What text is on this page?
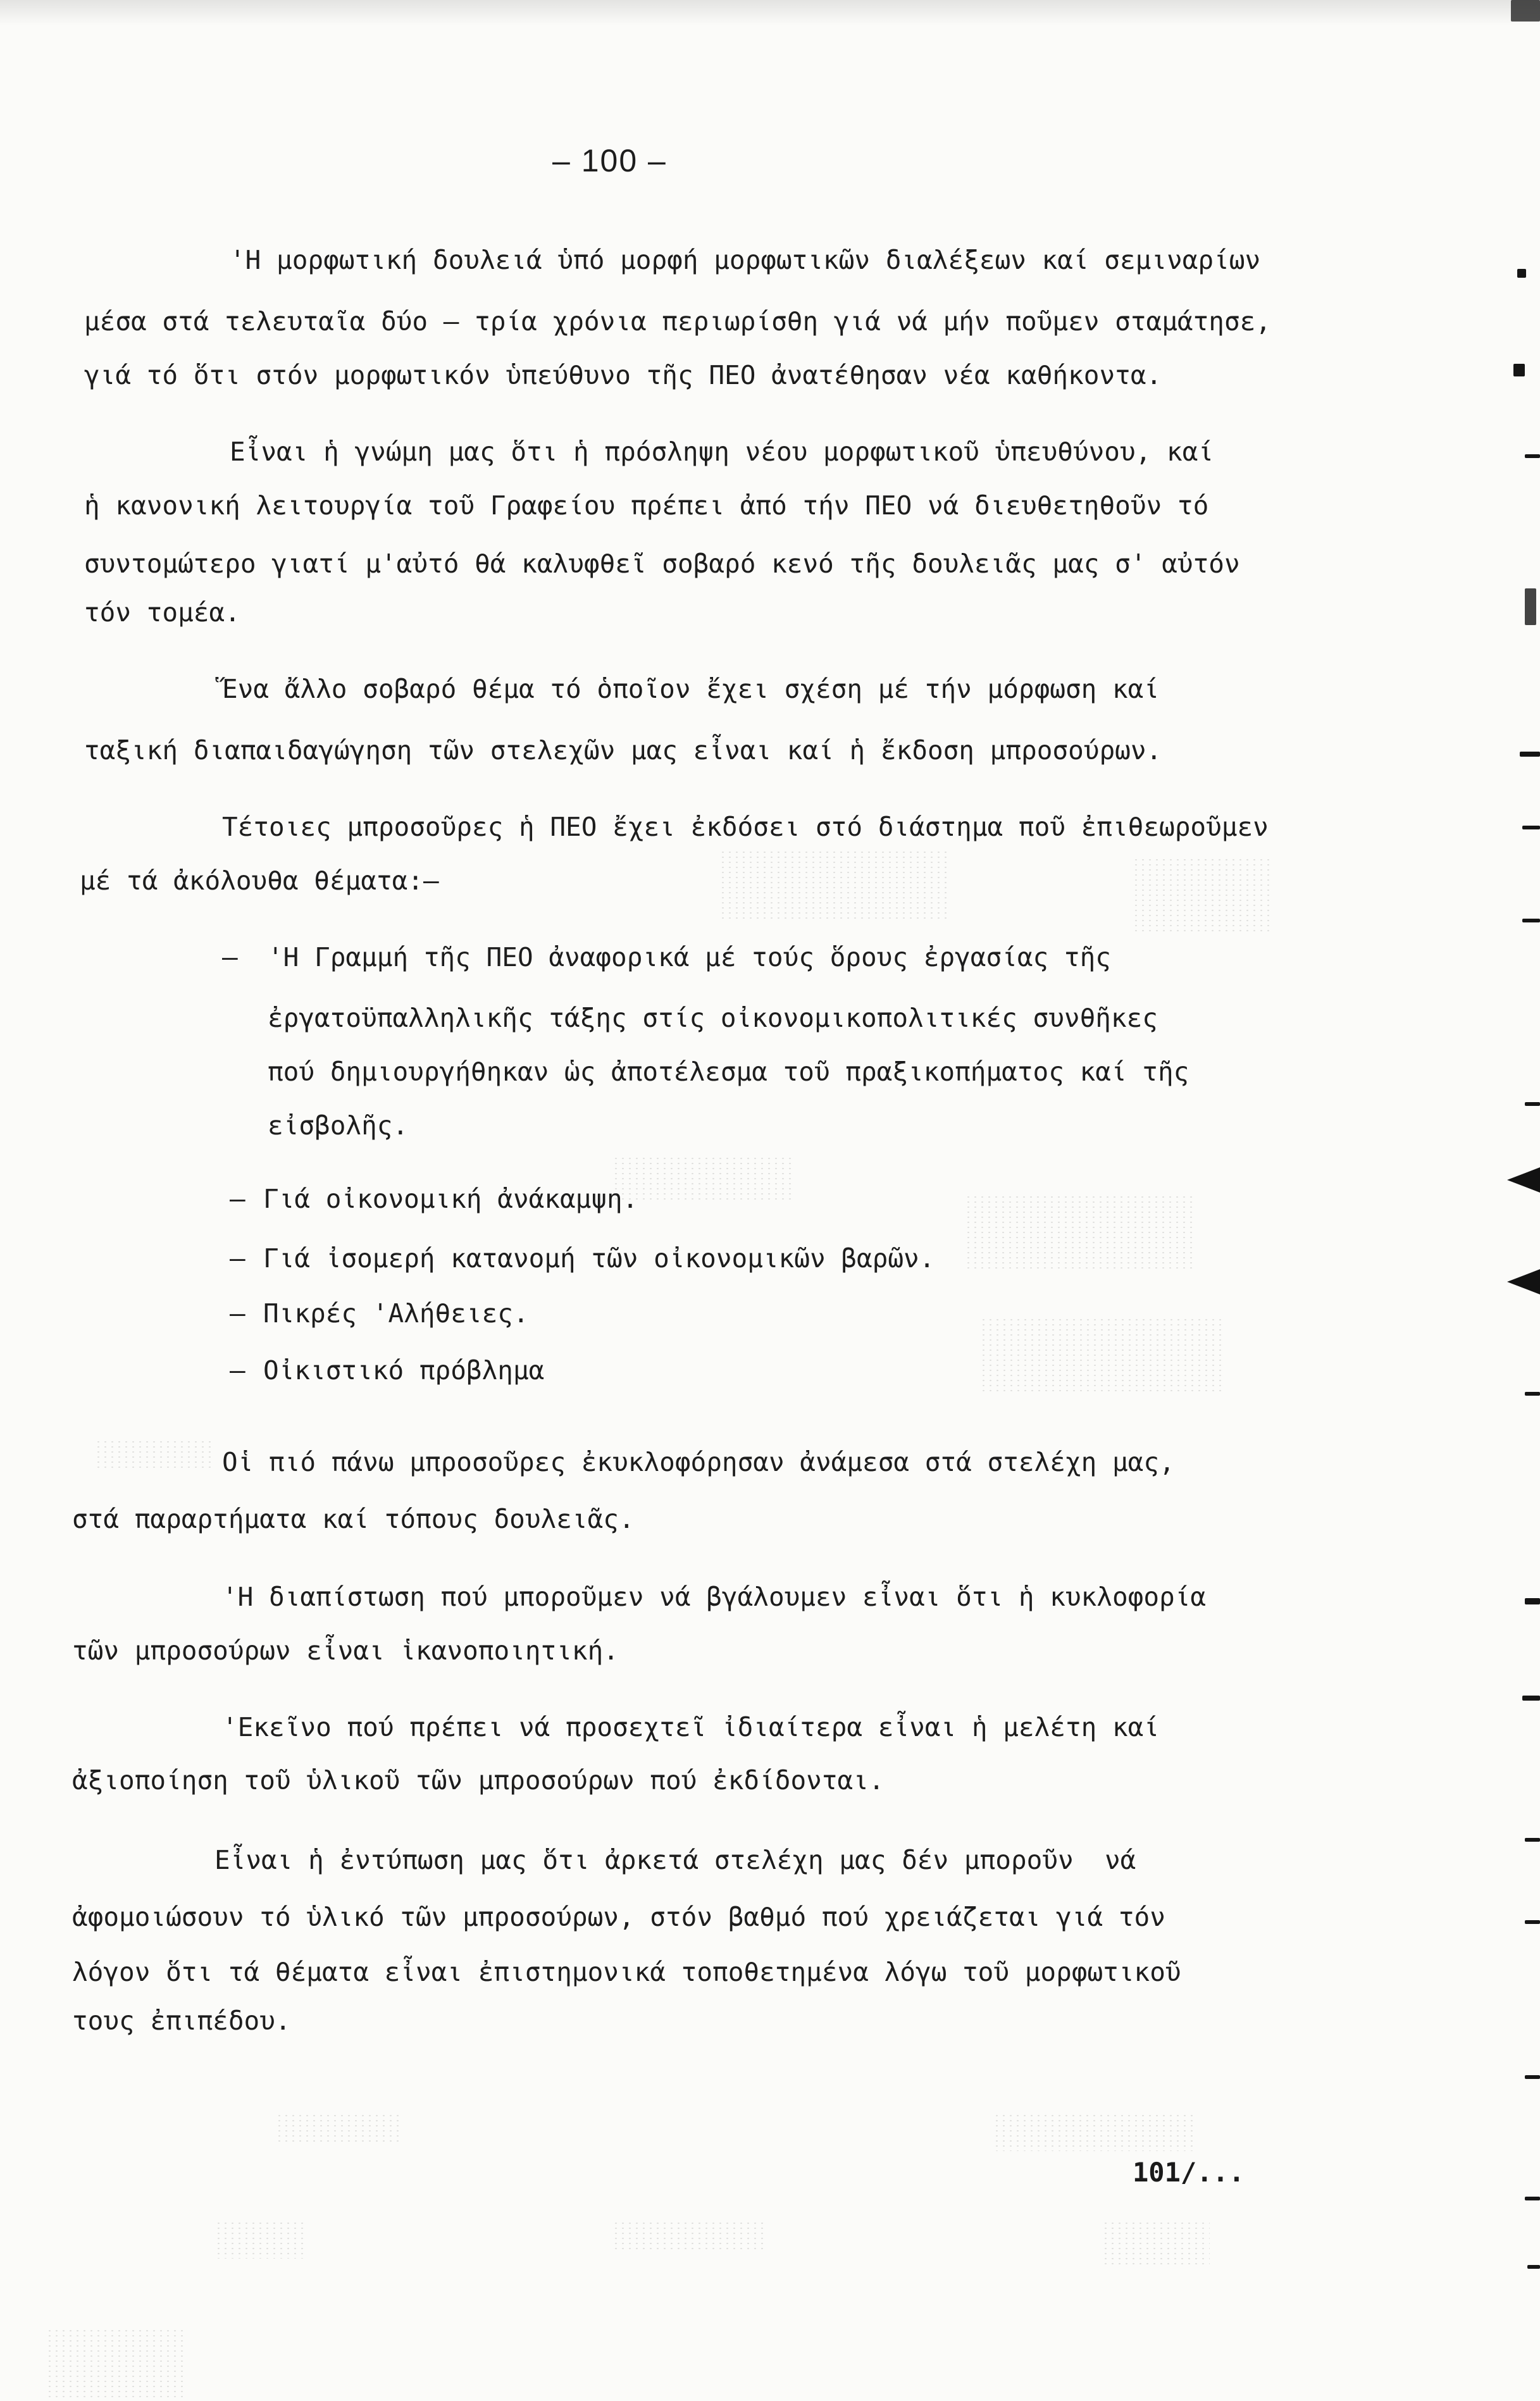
– 100 –
'Η μορφωτική δουλειά ὑπό μορφή μορφωτικῶν διαλέξεων καί σεμιναρίων
μέσα στά τελευταῖα δύο – τρία χρόνια περιωρίσθη γιά νά μήν ποῦμεν σταμάτησε,
γιά τό ὅτι στόν μορφωτικόν ὑπεύθυνο τῆς ΠΕΟ ἀνατέθησαν νέα καθήκοντα.
Εἶναι ἡ γνώμη μας ὅτι ἡ πρόσληψη νέου μορφωτικοῦ ὑπευθύνου, καί
ἡ κανονική λειτουργία τοῦ Γραφείου πρέπει ἀπό τήν ΠΕΟ νά διευθετηθοῦν τό
συντομώτερο γιατί μ'αὐτό θά καλυφθεῖ σοβαρό κενό τῆς δουλειᾶς μας σ' αὐτόν
τόν τομέα.
Ἕνα ἄλλο σοβαρό θέμα τό ὁποῖον ἔχει σχέση μέ τήν μόρφωση καί
ταξική διαπαιδαγώγηση τῶν στελεχῶν μας εἶναι καί ἡ ἔκδοση μπροσούρων.
Τέτοιες μπροσοῦρες ἡ ΠΕΟ ἔχει ἐκδόσει στό διάστημα ποῦ ἐπιθεωροῦμεν
μέ τά ἀκόλουθα θέματα:–
– 'Η Γραμμή τῆς ΠΕΟ ἀναφορικά μέ τούς ὅρους ἐργασίας τῆς
ἐργατοϋπαλληλικῆς τάξης στίς οἰκονομικοπολιτικές συνθῆκες
πού δημιουργήθηκαν ὡς ἀποτέλεσμα τοῦ πραξικοπήματος καί τῆς
εἰσβολῆς.
– Γιά οἰκονομική ἀνάκαμψη.
– Γιά ἰσομερή κατανομή τῶν οἰκονομικῶν βαρῶν.
– Πικρές 'Αλήθειες.
– Οἰκιστικό πρόβλημα
Οἱ πιό πάνω μπροσοῦρες ἐκυκλοφόρησαν ἀνάμεσα στά στελέχη μας,
στά παραρτήματα καί τόπους δουλειᾶς.
'Η διαπίστωση πού μποροῦμεν νά βγάλουμεν εἶναι ὅτι ἡ κυκλοφορία
τῶν μπροσούρων εἶναι ἱκανοποιητική.
'Εκεῖνο πού πρέπει νά προσεχτεῖ ἰδιαίτερα εἶναι ἡ μελέτη καί
ἀξιοποίηση τοῦ ὑλικοῦ τῶν μπροσούρων πού ἐκδίδονται.
Εἶναι ἡ ἐντύπωση μας ὅτι ἀρκετά στελέχη μας δέν μποροῦν  νά
ἀφομοιώσουν τό ὑλικό τῶν μπροσούρων, στόν βαθμό πού χρειάζεται γιά τόν
λόγον ὅτι τά θέματα εἶναι ἐπιστημονικά τοποθετημένα λόγω τοῦ μορφωτικοῦ
τους ἐπιπέδου.
101/...
